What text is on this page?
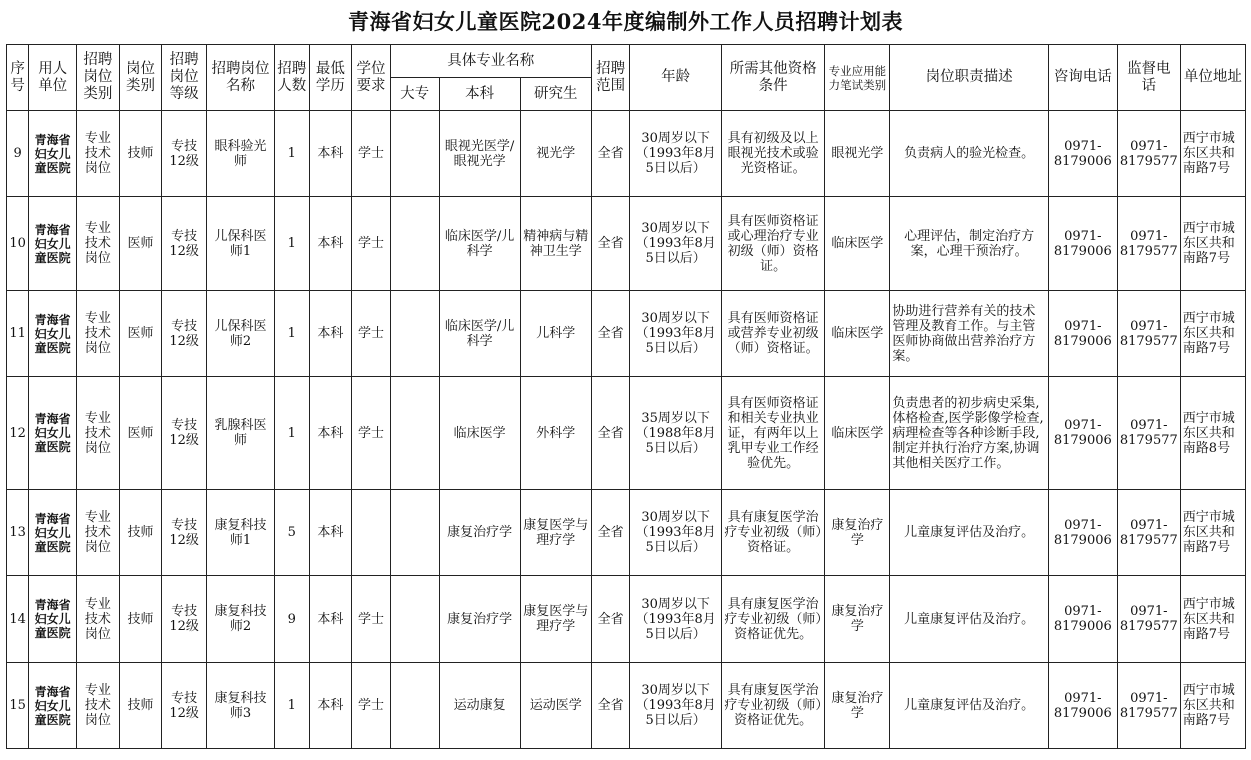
青海省妇女儿童医院2024年度编制外工作人员招聘计划表
序号	用人单位	招聘岗位类别	岗位类别	招聘岗位等级	招聘岗位名称	招聘人数	最低学历	学位要求	具体专业名称			招聘范围	年龄	所需其他资格条件	专业应用能力笔试类别	岗位职责描述	咨询电话	监督电话	单位地址
									大专	本科	研究生								
9	青海省妇女儿童医院	专业技术岗位	技师	专技12级	眼科验光师	1	本科	学士		眼视光医学/眼视光学	视光学	全省	30周岁以下（1993年8月5日以后）	具有初级及以上眼视光技术或验光资格证。	眼视光学	负责病人的验光检查。	0971-8179006	0971-8179577	西宁市城东区共和南路7号
10	青海省妇女儿童医院	专业技术岗位	医师	专技12级	儿保科医师1	1	本科	学士		临床医学/儿科学	精神病与精神卫生学	全省	30周岁以下（1993年8月5日以后）	具有医师资格证或心理治疗专业初级（师）资格证。	临床医学	心理评估，制定治疗方案，心理干预治疗。	0971-8179006	0971-8179577	西宁市城东区共和南路7号
11	青海省妇女儿童医院	专业技术岗位	医师	专技12级	儿保科医师2	1	本科	学士		临床医学/儿科学	儿科学	全省	30周岁以下（1993年8月5日以后）	具有医师资格证或营养专业初级（师）资格证。	临床医学	协助进行营养有关的技术管理及教育工作。与主管医师协商做出营养治疗方案。	0971-8179006	0971-8179577	西宁市城东区共和南路7号
12	青海省妇女儿童医院	专业技术岗位	医师	专技12级	乳腺科医师	1	本科	学士		临床医学	外科学	全省	35周岁以下（1988年8月5日以后）	具有医师资格证和相关专业执业证，有两年以上乳甲专业工作经验优先。	临床医学	负责患者的初步病史采集,体格检查,医学影像学检查,病理检查等各种诊断手段,制定并执行治疗方案,协调其他相关医疗工作。	0971-8179006	0971-8179577	西宁市城东区共和南路8号
13	青海省妇女儿童医院	专业技术岗位	技师	专技12级	康复科技师1	5	本科			康复治疗学	康复医学与理疗学	全省	30周岁以下（1993年8月5日以后）	具有康复医学治疗专业初级（师）资格证。	康复治疗学	儿童康复评估及治疗。	0971-8179006	0971-8179577	西宁市城东区共和南路7号
14	青海省妇女儿童医院	专业技术岗位	技师	专技12级	康复科技师2	9	本科	学士		康复治疗学	康复医学与理疗学	全省	30周岁以下（1993年8月5日以后）	具有康复医学治疗专业初级（师）资格证优先。	康复治疗学	儿童康复评估及治疗。	0971-8179006	0971-8179577	西宁市城东区共和南路7号
15	青海省妇女儿童医院	专业技术岗位	技师	专技12级	康复科技师3	1	本科	学士		运动康复	运动医学	全省	30周岁以下（1993年8月5日以后）	具有康复医学治疗专业初级（师）资格证优先。	康复治疗学	儿童康复评估及治疗。	0971-8179006	0971-8179577	西宁市城东区共和南路7号
